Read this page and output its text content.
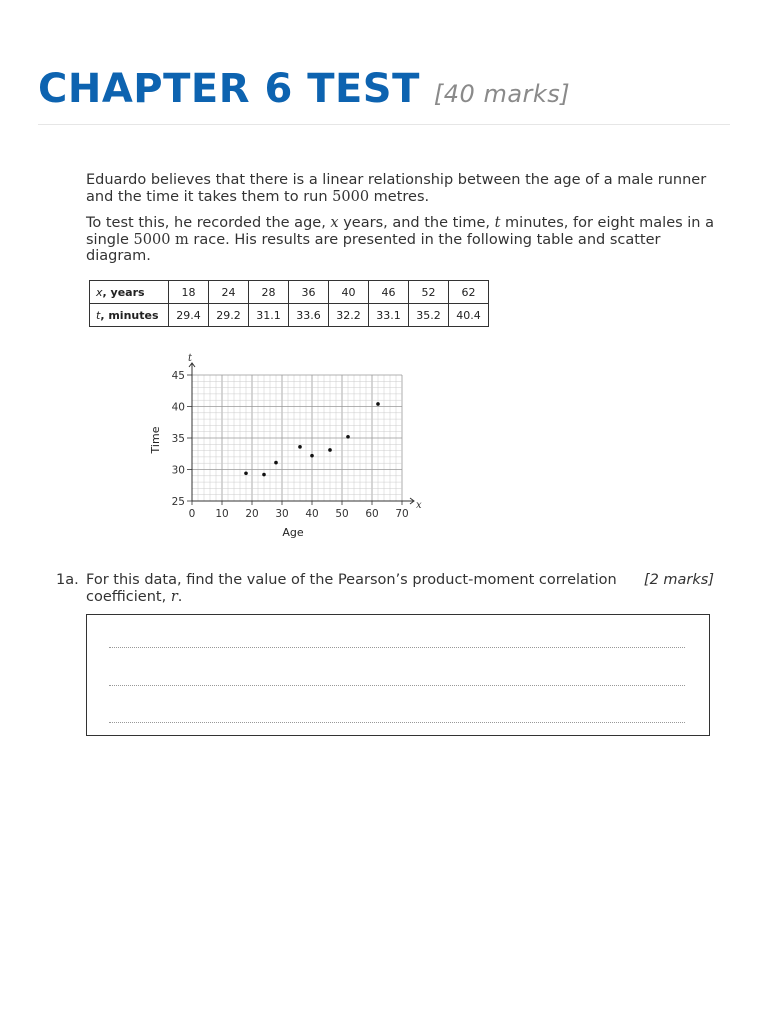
CHAPTER 6 TEST [40 marks]
Eduardo believes that there is a linear relationship between the age of a male runner and the time it takes them to run 5000 metres.
To test this, he recorded the age, x years, and the time, t minutes, for eight males in a single 5000 m race. His results are presented in the following table and scatter diagram.
x, years	18	24	28	36	40	46	52	62
t, minutes	29.4	29.2	31.1	33.6	32.2	33.1	35.2	40.4
0 10 20 30 40 50 60 70
25
30
35
40
45
x
t
Age
Time
1a. For this data, find the value of the Pearson’s product-moment correlation coefficient, r.
[2 marks]
